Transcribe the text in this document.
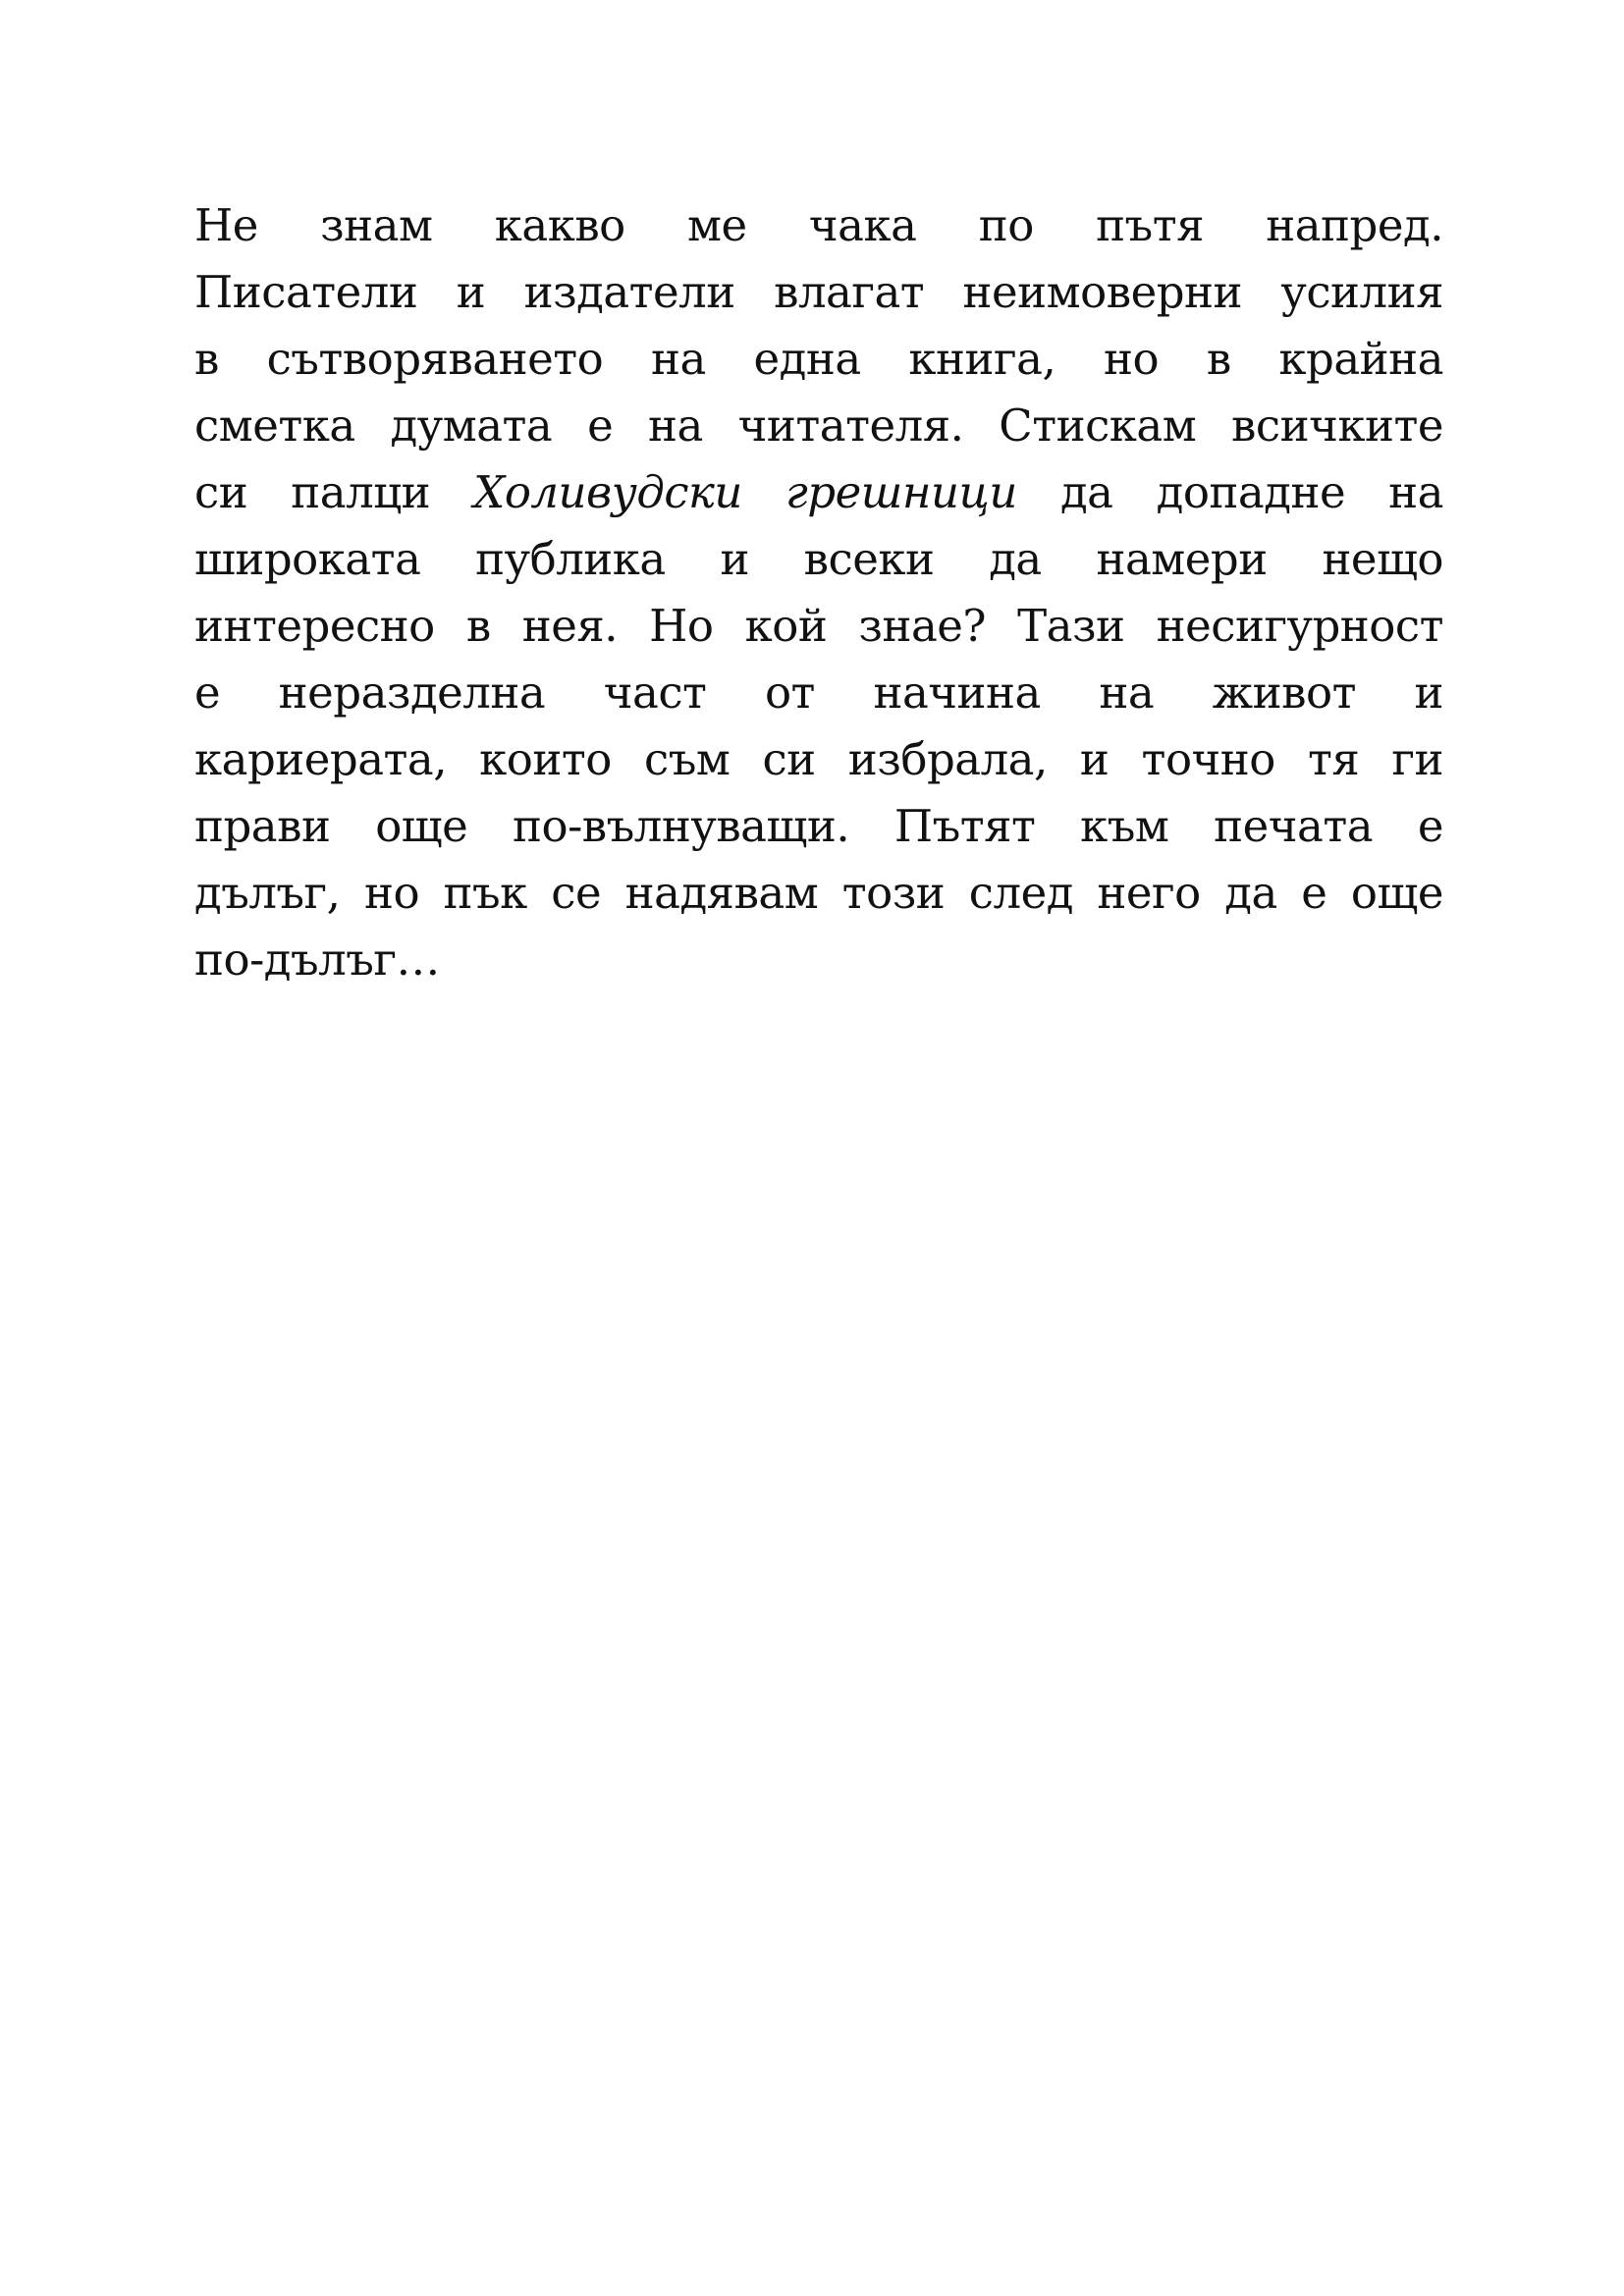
Не знам какво ме чака по пътя напред.
Писатели и издатели влагат неимоверни усилия
в сътворяването на една книга, но в крайна
сметка думата е на читателя. Стискам всичките
си палци Холивудски грешници да допадне на
широката публика и всеки да намери нещо
интересно в нея. Но кой знае? Тази несигурност
е неразделна част от начина на живот и
кариерата, които съм си избрала, и точно тя ги
прави още по-вълнуващи. Пътят към печата е
дълъг, но пък се надявам този след него да е още
по-дълъг…
